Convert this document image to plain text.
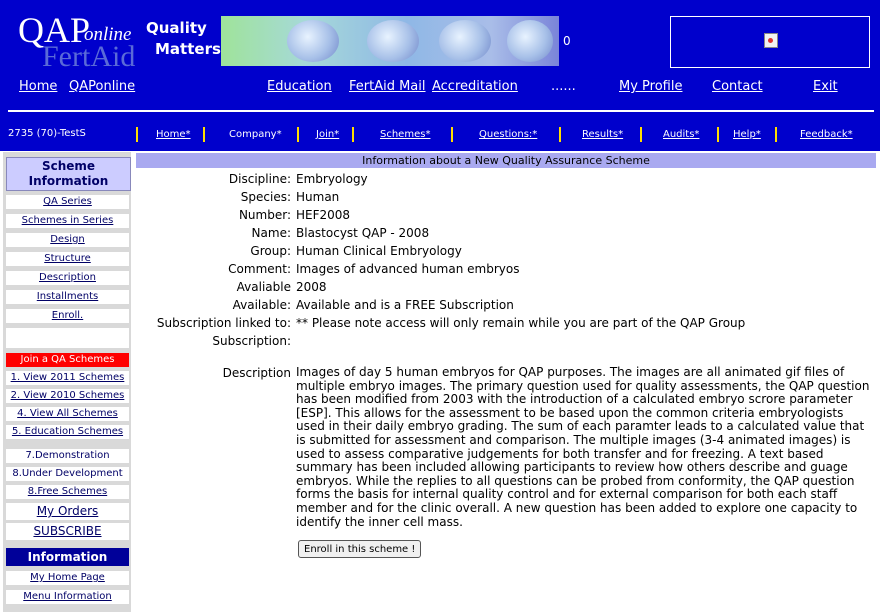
FertAid
QAP
online Quality
Matters	0
Home QAPonline	Education FertAid Mail Accreditation	......	My Profile Contact	Exit
2735 (70)-TestS	Home*	Company*	Join*	Schemes*	Questions:*	Results*	Audits*	Help*	Feedback*
Scheme
Information
QA Series
Schemes in Series
Design
Structure
Description
Installments
Enroll.
Join a QA Schemes
1. View 2011 Schemes
2. View 2010 Schemes
4. View All Schemes
5. Education Schemes
7.Demonstration
8.Under Development
8.Free Schemes
My Orders
SUBSCRIBE
Information
My Home Page
Menu Information
Information about a New Quality Assurance Scheme
Discipline: Embryology
Species: Human
Number: HEF2008
Name: Blastocyst QAP - 2008
Group: Human Clinical Embryology
Comment: Images of advanced human embryos
Avaliable 2008
Available: Available and is a FREE Subscription
Subscription linked to: ** Please note access will only remain while you are part of the QAP Group
Subscription:
Description Images of day 5 human embryos for QAP purposes. The images are all animated gif files of multiple embryo images. The primary question used for quality assessments, the QAP question has been modified from 2003 with the introduction of a calculated embryo scrore parameter [ESP]. This allows for the assessment to be based upon the common criteria embryologists used in their daily embryo grading. The sum of each paramter leads to a calculated value that is submitted for assessment and comparison. The multiple images (3-4 animated images) is used to assess comparative judgements for both transfer and for freezing. A text based summary has been included allowing participants to review how others describe and guage embryos. While the replies to all questions can be probed from conformity, the QAP question forms the basis for internal quality control and for external comparison for both each staff member and for the clinic overall. A new question has been added to explore one capacity to identify the inner cell mass.
Enroll in this scheme !
